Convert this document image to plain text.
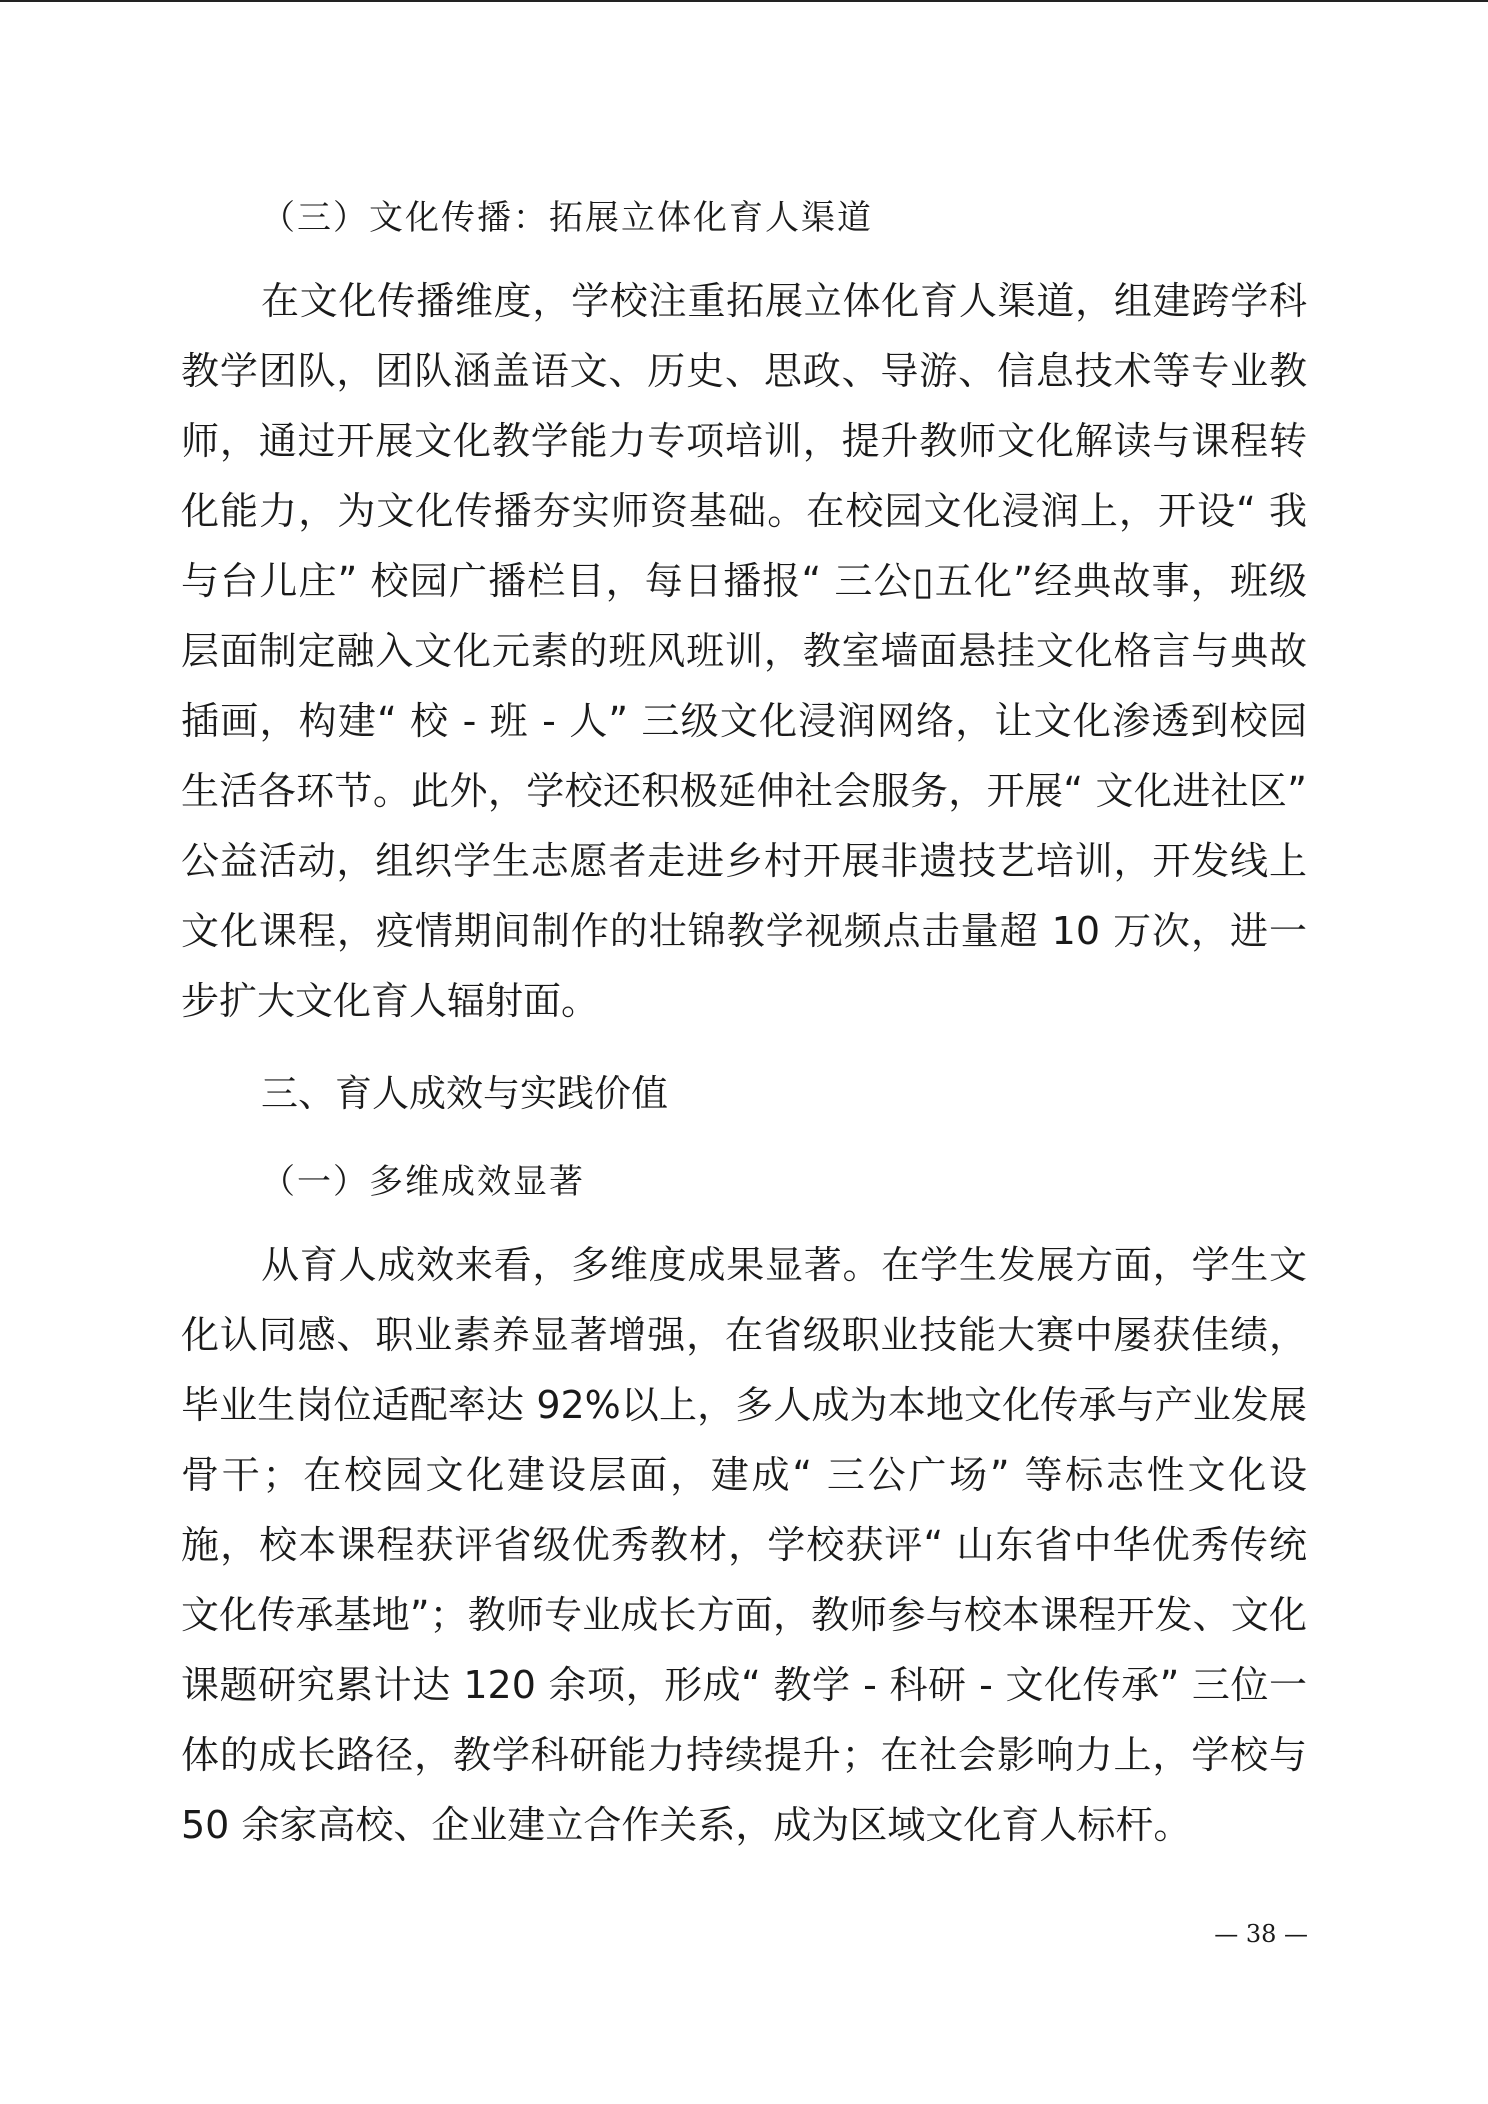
（三）文化传播：拓展立体化育人渠道

在文化传播维度，学校注重拓展立体化育人渠道，组建跨学科教学团队，团队涵盖语文、历史、思政、导游、信息技术等专业教师，通过开展文化教学能力专项培训，提升教师文化解读与课程转化能力，为文化传播夯实师资基础。在校园文化浸润上，开设“ 我与台儿庄” 校园广播栏目，每日播报“ 三公▯五化”经典故事，班级层面制定融入文化元素的班风班训，教室墙面悬挂文化格言与典故插画，构建“ 校 - 班 - 人” 三级文化浸润网络，让文化渗透到校园生活各环节。此外，学校还积极延伸社会服务，开展“ 文化进社区” 公益活动，组织学生志愿者走进乡村开展非遗技艺培训，开发线上文化课程，疫情期间制作的壮锦教学视频点击量超 10 万次，进一步扩大文化育人辐射面。

三、育人成效与实践价值

（一）多维成效显著

从育人成效来看，多维度成果显著。在学生发展方面，学生文化认同感、职业素养显著增强，在省级职业技能大赛中屡获佳绩，毕业生岗位适配率达 92%以上，多人成为本地文化传承与产业发展骨干；在校园文化建设层面，建成“ 三公广场” 等标志性文化设施，校本课程获评省级优秀教材，学校获评“ 山东省中华优秀传统文化传承基地”；教师专业成长方面，教师参与校本课程开发、文化课题研究累计达 120 余项，形成“ 教学 - 科研 - 文化传承” 三位一体的成长路径，教学科研能力持续提升；在社会影响力上，学校与 50 余家高校、企业建立合作关系，成为区域文化育人标杆。

— 38 —
